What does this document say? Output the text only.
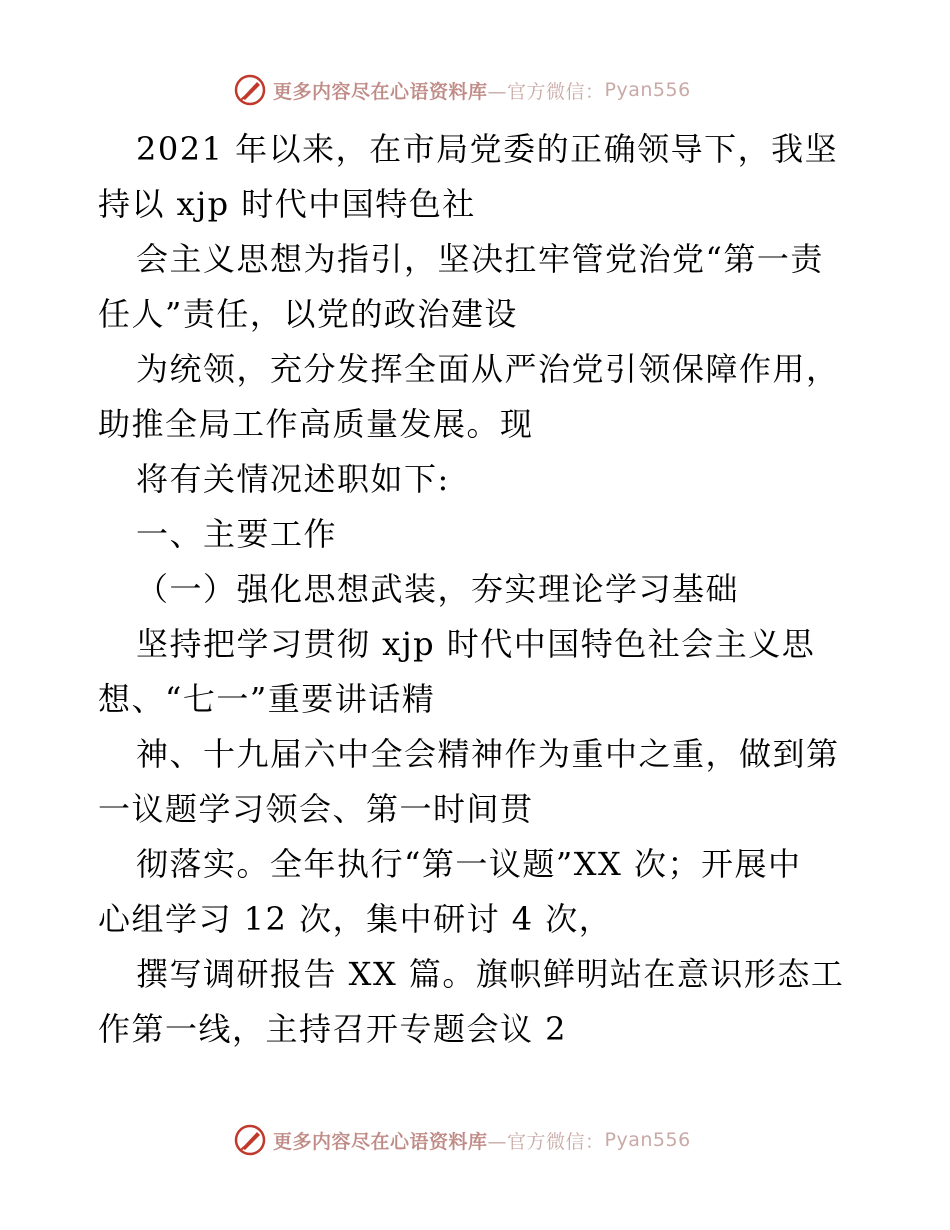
更多内容尽在心语资料库 —官方微信： Pyan556
2021 年以来，在市局党委的正确领导下，我坚
持以 xjp 时代中国特色社
会主义思想为指引，坚决扛牢管党治党“第一责
任人”责任，以党的政治建设
为统领，充分发挥全面从严治党引领保障作用，
助推全局工作高质量发展。现
将有关情况述职如下:
一、主要工作
（一）强化思想武装，夯实理论学习基础
坚持把学习贯彻 xjp 时代中国特色社会主义思
想、“七一”重要讲话精
神、十九届六中全会精神作为重中之重，做到第
一议题学习领会、第一时间贯
彻落实。全年执行“第一议题”XX 次；开展中
心组学习 12 次，集中研讨 4 次，
撰写调研报告 XX 篇。旗帜鲜明站在意识形态工
作第一线，主持召开专题会议 2
更多内容尽在心语资料库 —官方微信： Pyan556
